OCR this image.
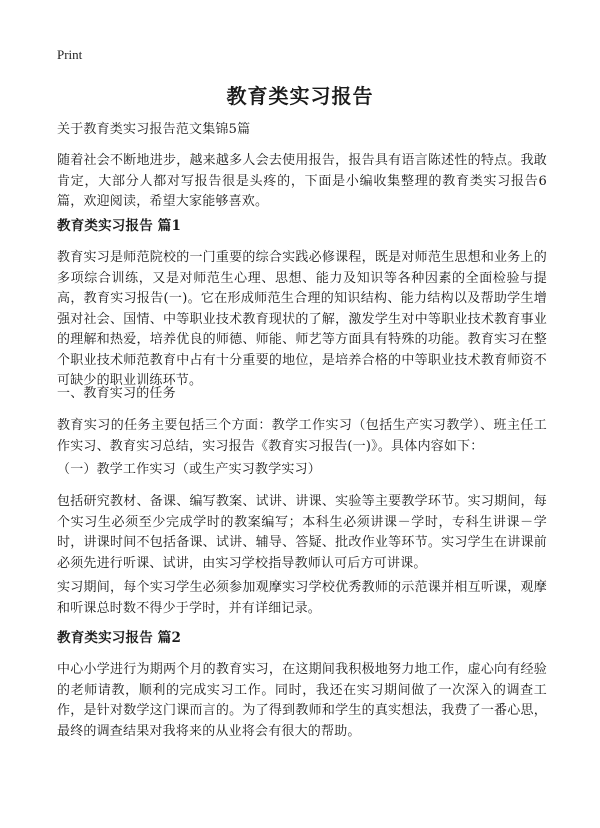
Print
教育类实习报告

关于教育类实习报告范文集锦5篇

随着社会不断地进步，越来越多人会去使用报告，报告具有语言陈述性的特点。我敢肯定，大部分人都对写报告很是头疼的，下面是小编收集整理的教育类实习报告6篇，欢迎阅读，希望大家能够喜欢。

教育类实习报告 篇1

教育实习是师范院校的一门重要的综合实践必修课程，既是对师范生思想和业务上的多项综合训练，又是对师范生心理、思想、能力及知识等各种因素的全面检验与提高，教育实习报告(一)。它在形成师范生合理的知识结构、能力结构以及帮助学生增强对社会、国情、中等职业技术教育现状的了解，激发学生对中等职业技术教育事业的理解和热爱，培养优良的师德、师能、师艺等方面具有特殊的功能。教育实习在整个职业技术师范教育中占有十分重要的地位，是培养合格的中等职业技术教育师资不可缺少的职业训练环节。

一、教育实习的任务

教育实习的任务主要包括三个方面：教学工作实习（包括生产实习教学）、班主任工作实习、教育实习总结，实习报告《教育实习报告(一)》。具体内容如下：

（一）教学工作实习（或生产实习教学实习）

包括研究教材、备课、编写教案、试讲、讲课、实验等主要教学环节。实习期间，每个实习生必须至少完成学时的教案编写；本科生必须讲课－学时，专科生讲课－学时，讲课时间不包括备课、试讲、辅导、答疑、批改作业等环节。实习学生在讲课前必须先进行听课、试讲，由实习学校指导教师认可后方可讲课。

实习期间，每个实习学生必须参加观摩实习学校优秀教师的示范课并相互听课，观摩和听课总时数不得少于学时，并有详细记录。

教育类实习报告 篇2

中心小学进行为期两个月的教育实习，在这期间我积极地努力地工作，虚心向有经验的老师请教，顺利的完成实习工作。同时，我还在实习期间做了一次深入的调查工作，是针对数学这门课而言的。为了得到教师和学生的真实想法，我费了一番心思，最终的调查结果对我将来的从业将会有很大的帮助。
